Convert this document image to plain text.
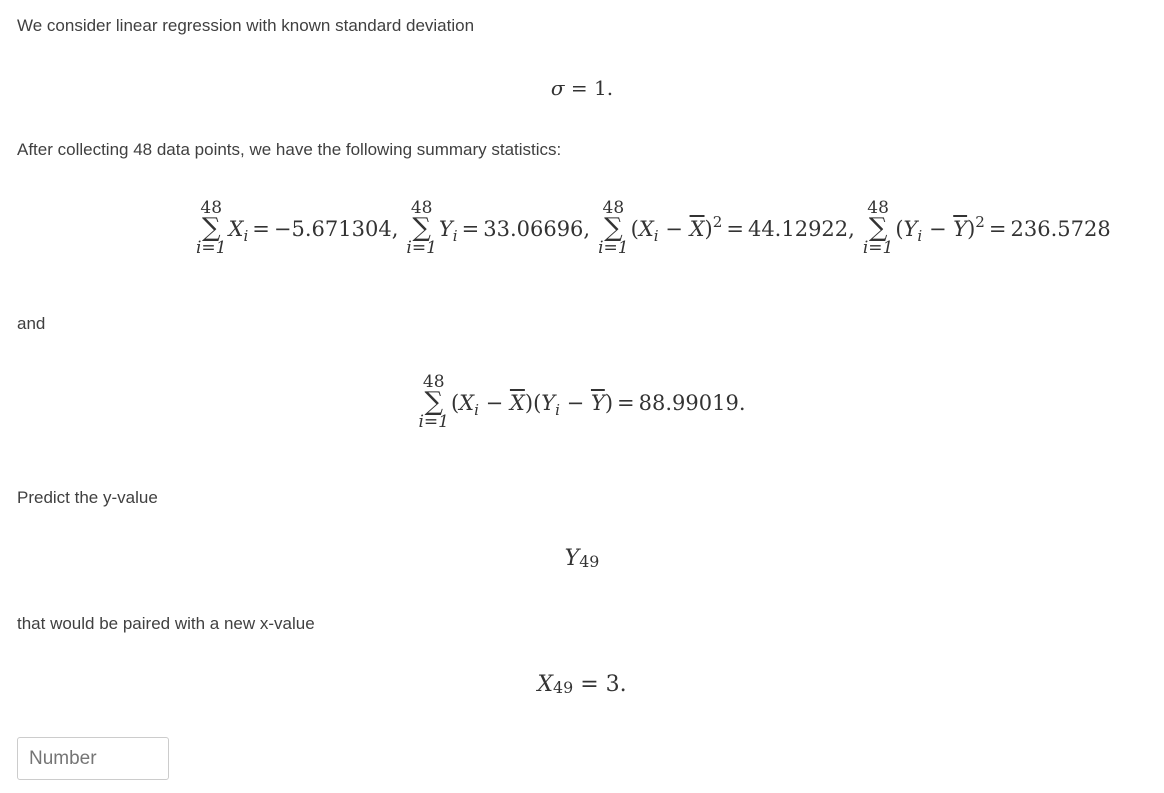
We consider linear regression with known standard deviation
σ = 1.
After collecting 48 data points, we have the following summary statistics:
48
∑
i=1
$X_i = -5.671304$,
48
∑
i=1
$Y_i = 33.06696$,
48
∑
i=1
$(X_i - \overline{X})^2 = 44.12922$,
48
∑
i=1
$(Y_i - \overline{Y})^2 = 236.5728$
and
48
∑
i=1
$(X_i - \overline{X})(Y_i - \overline{Y}) = 88.99019$.
Predict the y-value
Y 49
that would be paired with a new x-value
X 49 = 3.
Number
